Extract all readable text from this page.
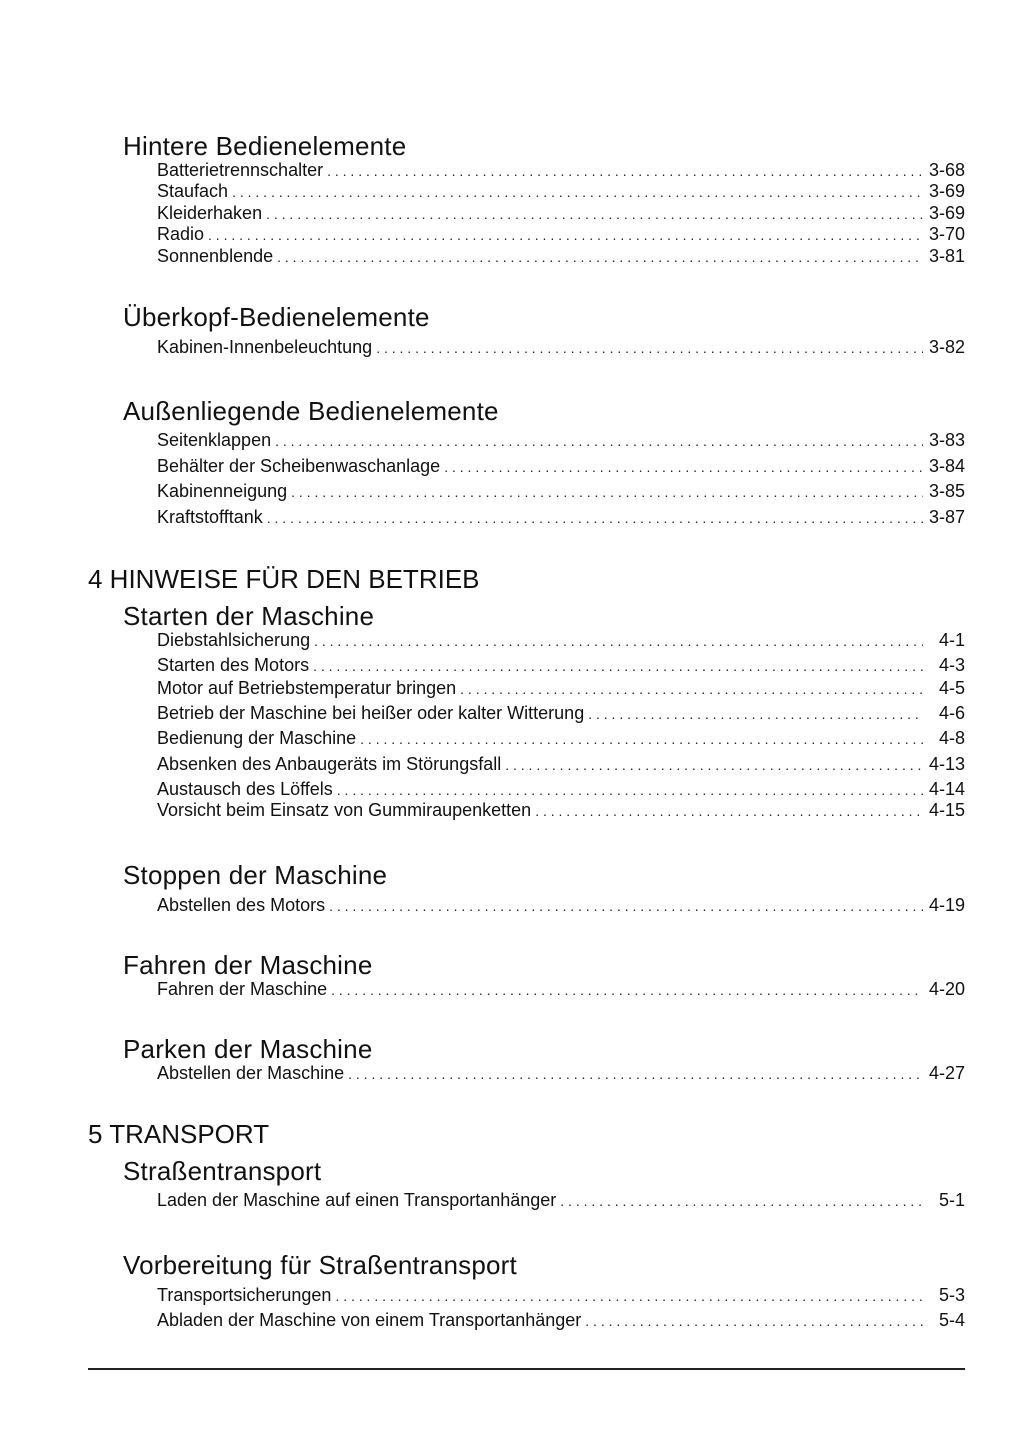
Hintere Bedienelemente
Batterietrennschalter . . .	3-68
Staufach . . .	3-69
Kleiderhaken . . .	3-69
Radio . . .	3-70
Sonnenblende . . .	3-81
Überkopf-Bedienelemente
Kabinen-Innenbeleuchtung . . .	3-82
Außenliegende Bedienelemente
Seitenklappen . . .	3-83
Behälter der Scheibenwaschanlage . . .	3-84
Kabinenneigung . . .	3-85
Kraftstofftank . . .	3-87
4 HINWEISE FÜR DEN BETRIEB
Starten der Maschine
Diebstahlsicherung . . .	4-1
Starten des Motors . . .	4-3
Motor auf Betriebstemperatur bringen . . .	4-5
Betrieb der Maschine bei heißer oder kalter Witterung . . .	4-6
Bedienung der Maschine . . .	4-8
Absenken des Anbaugeräts im Störungsfall . . .	4-13
Austausch des Löffels . . .	4-14
Vorsicht beim Einsatz von Gummiraupenketten . . .	4-15
Stoppen der Maschine
Abstellen des Motors . . .	4-19
Fahren der Maschine
Fahren der Maschine . . .	4-20
Parken der Maschine
Abstellen der Maschine . . .	4-27
5 TRANSPORT
Straßentransport
Laden der Maschine auf einen Transportanhänger . . .	5-1
Vorbereitung für Straßentransport
Transportsicherungen . . .	5-3
Abladen der Maschine von einem Transportanhänger . . .	5-4
